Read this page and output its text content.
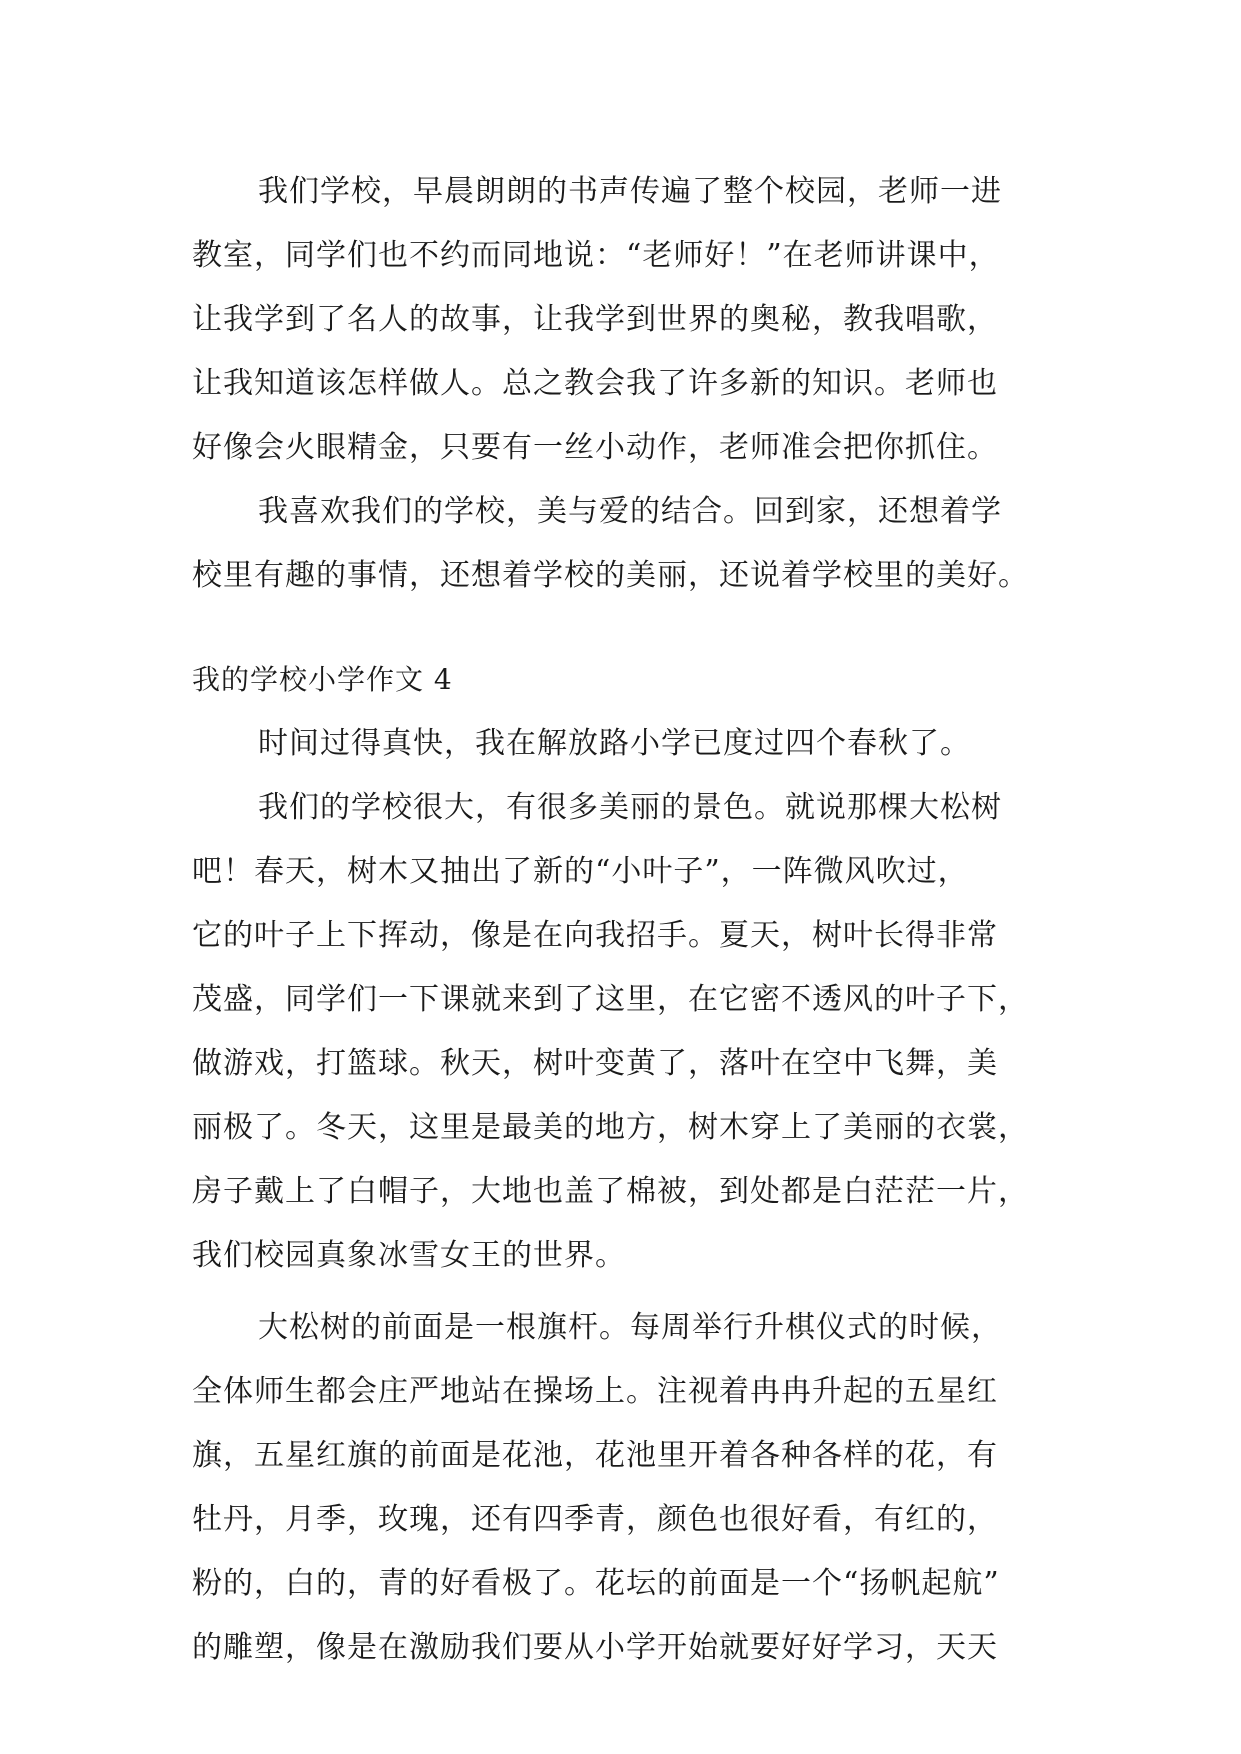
我们学校，早晨朗朗的书声传遍了整个校园，老师一进
教室，同学们也不约而同地说：“老师好！”在老师讲课中，
让我学到了名人的故事，让我学到世界的奥秘，教我唱歌，
让我知道该怎样做人。总之教会我了许多新的知识。老师也
好像会火眼精金，只要有一丝小动作，老师准会把你抓住。
我喜欢我们的学校，美与爱的结合。回到家，还想着学
校里有趣的事情，还想着学校的美丽，还说着学校里的美好。
我的学校小学作文 4
时间过得真快，我在解放路小学已度过四个春秋了。
我们的学校很大，有很多美丽的景色。就说那棵大松树
吧！春天，树木又抽出了新的“小叶子”，一阵微风吹过，
它的叶子上下挥动，像是在向我招手。夏天，树叶长得非常
茂盛，同学们一下课就来到了这里，在它密不透风的叶子下，
做游戏，打篮球。秋天，树叶变黄了，落叶在空中飞舞，美
丽极了。冬天，这里是最美的地方，树木穿上了美丽的衣裳，
房子戴上了白帽子，大地也盖了棉被，到处都是白茫茫一片，
我们校园真象冰雪女王的世界。
大松树的前面是一根旗杆。每周举行升棋仪式的时候，
全体师生都会庄严地站在操场上。注视着冉冉升起的五星红
旗，五星红旗的前面是花池，花池里开着各种各样的花，有
牡丹，月季，玫瑰，还有四季青，颜色也很好看，有红的，
粉的，白的，青的好看极了。花坛的前面是一个“扬帆起航”
的雕塑，像是在激励我们要从小学开始就要好好学习，天天
